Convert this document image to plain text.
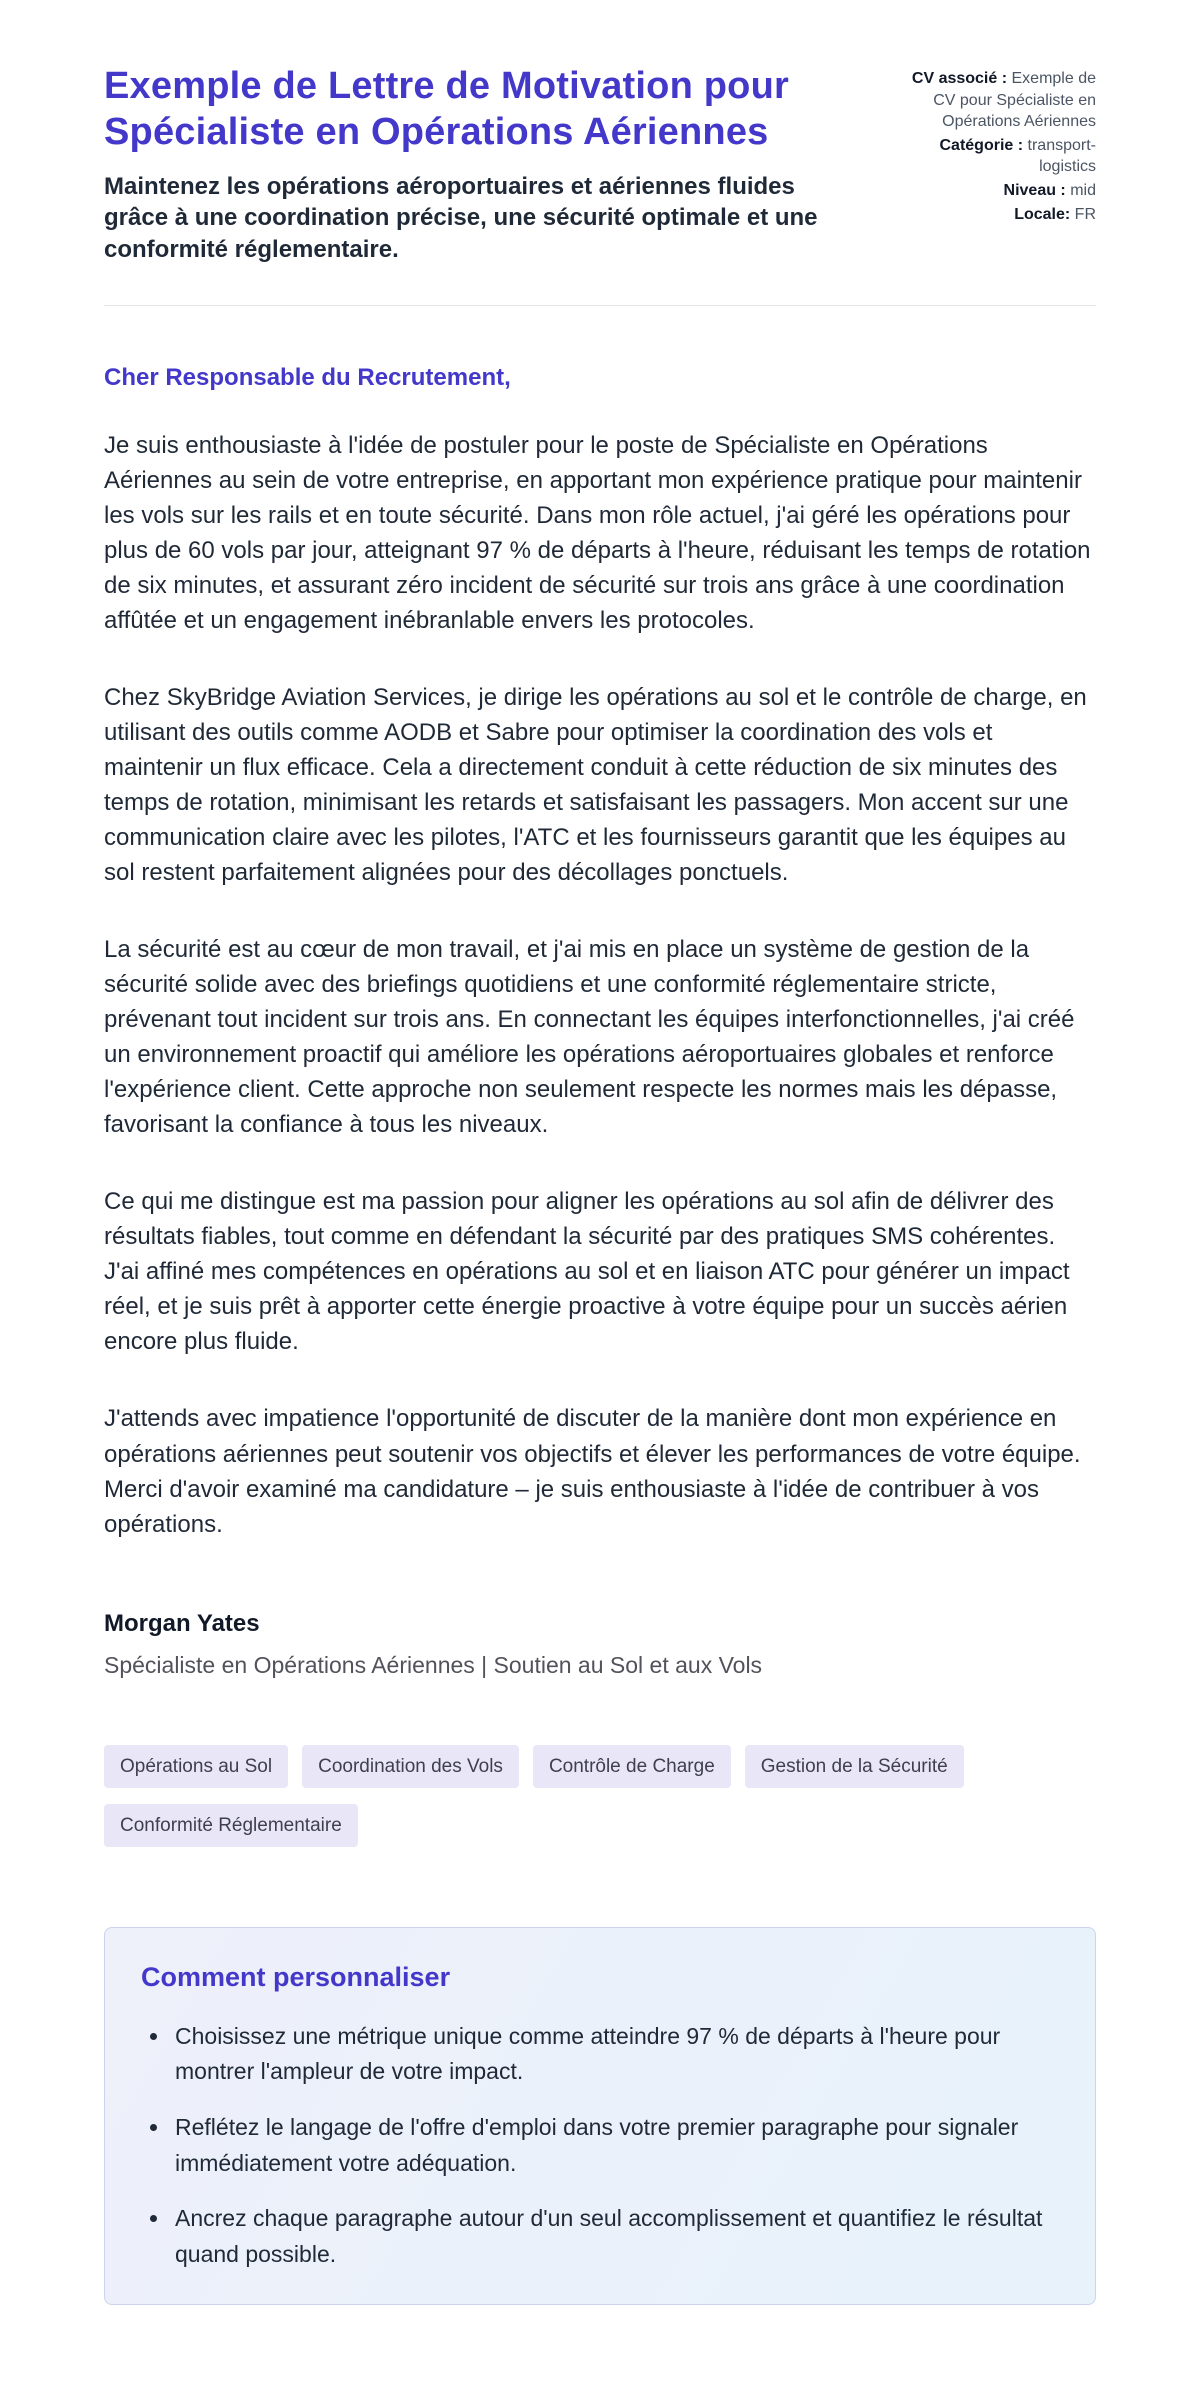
Exemple de Lettre de Motivation pour Spécialiste en Opérations Aériennes

Maintenez les opérations aéroportuaires et aériennes fluides grâce à une coordination précise, une sécurité optimale et une conformité réglementaire.

CV associé : Exemple de CV pour Spécialiste en Opérations Aériennes
Catégorie : transport-logistics
Niveau : mid
Locale: FR

Cher Responsable du Recrutement,

Je suis enthousiaste à l'idée de postuler pour le poste de Spécialiste en Opérations Aériennes au sein de votre entreprise, en apportant mon expérience pratique pour maintenir les vols sur les rails et en toute sécurité. Dans mon rôle actuel, j'ai géré les opérations pour plus de 60 vols par jour, atteignant 97 % de départs à l'heure, réduisant les temps de rotation de six minutes, et assurant zéro incident de sécurité sur trois ans grâce à une coordination affûtée et un engagement inébranlable envers les protocoles.

Chez SkyBridge Aviation Services, je dirige les opérations au sol et le contrôle de charge, en utilisant des outils comme AODB et Sabre pour optimiser la coordination des vols et maintenir un flux efficace. Cela a directement conduit à cette réduction de six minutes des temps de rotation, minimisant les retards et satisfaisant les passagers. Mon accent sur une communication claire avec les pilotes, l'ATC et les fournisseurs garantit que les équipes au sol restent parfaitement alignées pour des décollages ponctuels.

La sécurité est au cœur de mon travail, et j'ai mis en place un système de gestion de la sécurité solide avec des briefings quotidiens et une conformité réglementaire stricte, prévenant tout incident sur trois ans. En connectant les équipes interfonctionnelles, j'ai créé un environnement proactif qui améliore les opérations aéroportuaires globales et renforce l'expérience client. Cette approche non seulement respecte les normes mais les dépasse, favorisant la confiance à tous les niveaux.

Ce qui me distingue est ma passion pour aligner les opérations au sol afin de délivrer des résultats fiables, tout comme en défendant la sécurité par des pratiques SMS cohérentes. J'ai affiné mes compétences en opérations au sol et en liaison ATC pour générer un impact réel, et je suis prêt à apporter cette énergie proactive à votre équipe pour un succès aérien encore plus fluide.

J'attends avec impatience l'opportunité de discuter de la manière dont mon expérience en opérations aériennes peut soutenir vos objectifs et élever les performances de votre équipe. Merci d'avoir examiné ma candidature – je suis enthousiaste à l'idée de contribuer à vos opérations.

Morgan Yates

Spécialiste en Opérations Aériennes | Soutien au Sol et aux Vols

Opérations au Sol	Coordination des Vols	Contrôle de Charge	Gestion de la Sécurité
Conformité Réglementaire
Comment personnaliser
• Choisissez une métrique unique comme atteindre 97 % de départs à l'heure pour montrer l'ampleur de votre impact.
• Reflétez le langage de l'offre d'emploi dans votre premier paragraphe pour signaler immédiatement votre adéquation.
• Ancrez chaque paragraphe autour d'un seul accomplissement et quantifiez le résultat quand possible.
